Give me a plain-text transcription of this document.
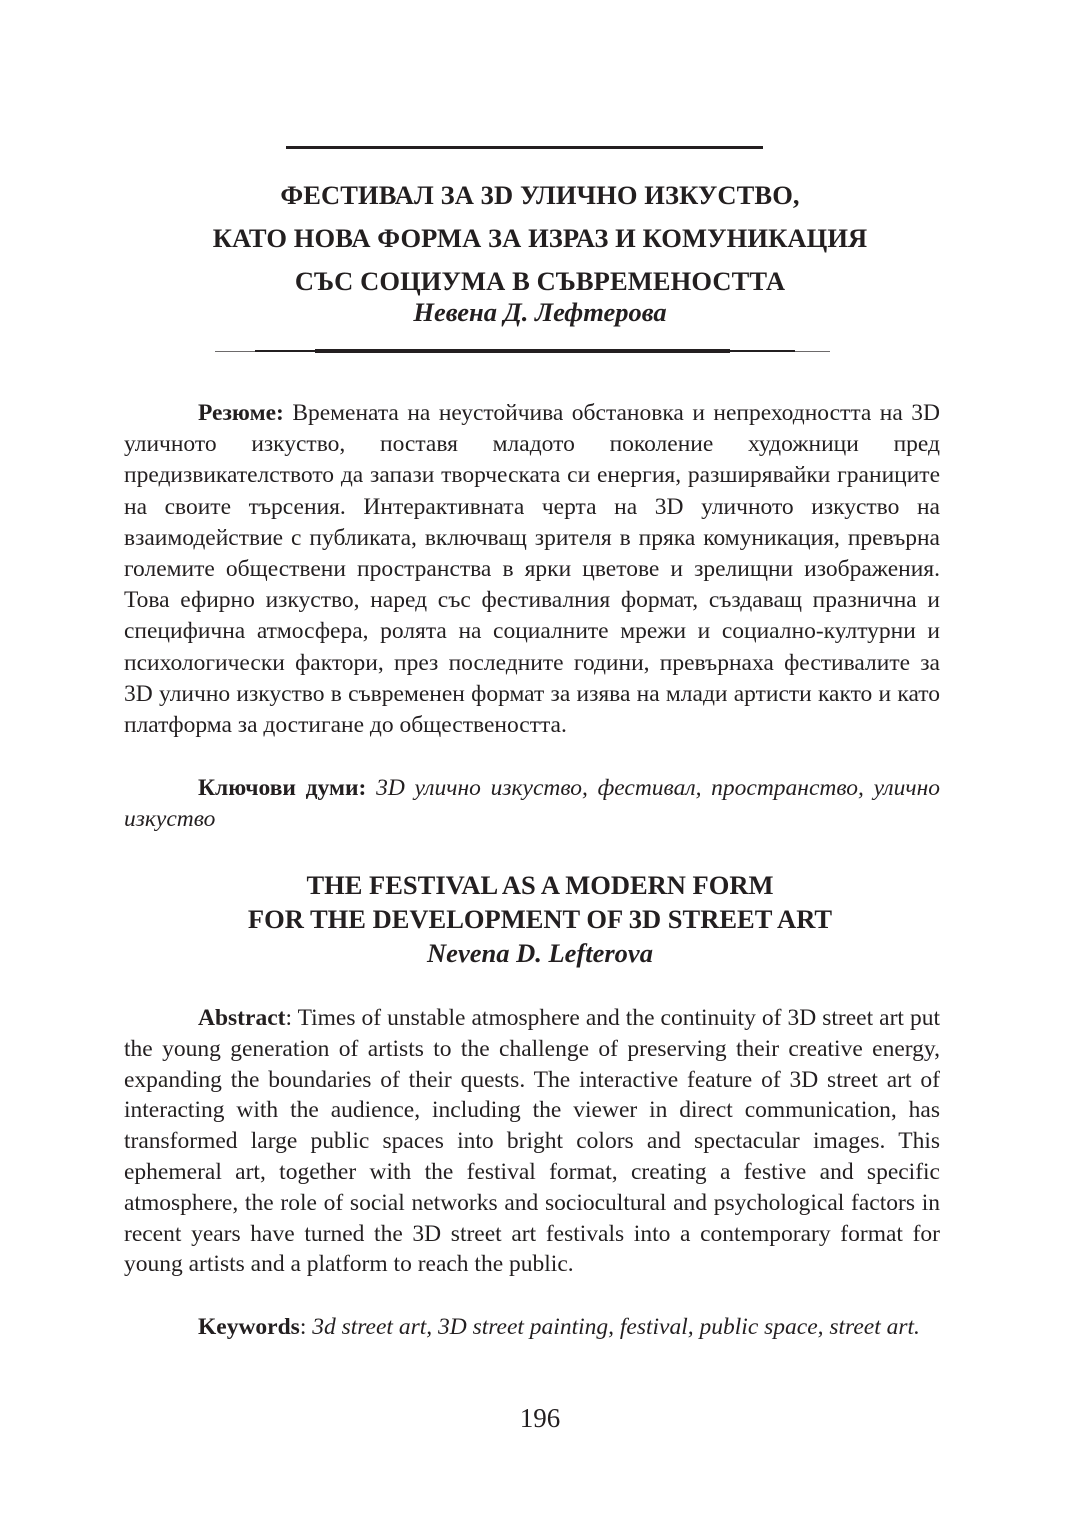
ФЕСТИВАЛ ЗА 3D УЛИЧНО ИЗКУСТВО,
КАТО НОВА ФОРМА ЗА ИЗРАЗ И КОМУНИКАЦИЯ
СЪС СОЦИУМА В СЪВРЕМЕНОСТТА
Невена Д. Лефтерова

Резюме: Времената на неустойчива обстановка и непреходността на 3D уличното изкуство, поставя младото поколение художници пред предизвикателството да запази творческата си енергия, разширявайки границите на своите търсения. Интерактивната черта на 3D уличното изкуство на взаимодействие с публиката, включващ зрителя в пряка комуникация, превърна големите обществени пространства в ярки цветове и зрелищни изображения. Това ефирно изкуство, наред със фестивалния формат, създаващ празнична и специфична атмосфера, ролята на социалните мрежи и социално-културни и психологически фактори, през последните години, превърнаха фестивалите за 3D улично изкуство в съвременен формат за изява на млади артисти както и като платформа за достигане до обществеността.

Ключови думи: 3D улично изкуство, фестивал, пространство, улично изкуство

THE FESTIVAL AS A MODERN FORM
FOR THE DEVELOPMENT OF 3D STREET ART
Nevena D. Lefterova

Abstract: Times of unstable atmosphere and the continuity of 3D street art put the young generation of artists to the challenge of preserving their creative energy, expanding the boundaries of their quests. The interactive feature of 3D street art of interacting with the audience, including the viewer in direct communication, has transformed large public spaces into bright colors and spectacular images. This ephemeral art, together with the festival format, creating a festive and specific atmosphere, the role of social networks and sociocultural and psychological factors in recent years have turned the 3D street art festivals into a contemporary format for young artists and a platform to reach the public.

Keywords: 3d street art, 3D street painting, festival, public space, street art.

196
